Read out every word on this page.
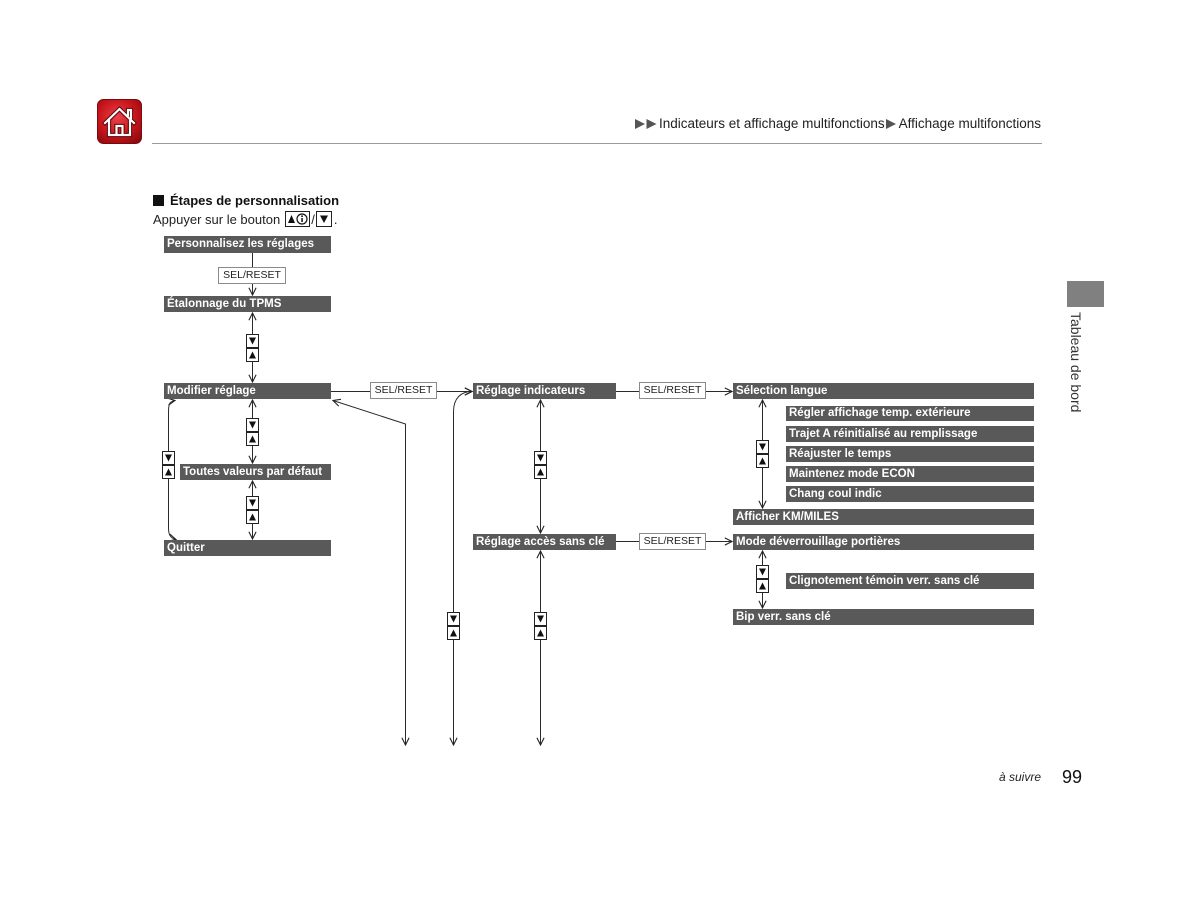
Indicateurs et affichage multifonctions Affichage multifonctions
Tableau de bord
Étapes de personnalisation
Appuyer sur le bouton / .
Personnalisez les réglages
SEL/RESET
Étalonnage du TPMS
Modifier réglage
Toutes valeurs par défaut
Quitter
SEL/RESET	Réglage indicateurs
Réglage accès sans clé
SEL/RESET
SEL/RESET
Sélection langue
Régler affichage temp. extérieure
Trajet A réinitialisé au remplissage
Réajuster le temps
Maintenez mode ECON
Chang coul indic
Afficher KM/MILES
Mode déverrouillage portières
Clignotement témoin verr. sans clé
Bip verr. sans clé
à suivre 99
